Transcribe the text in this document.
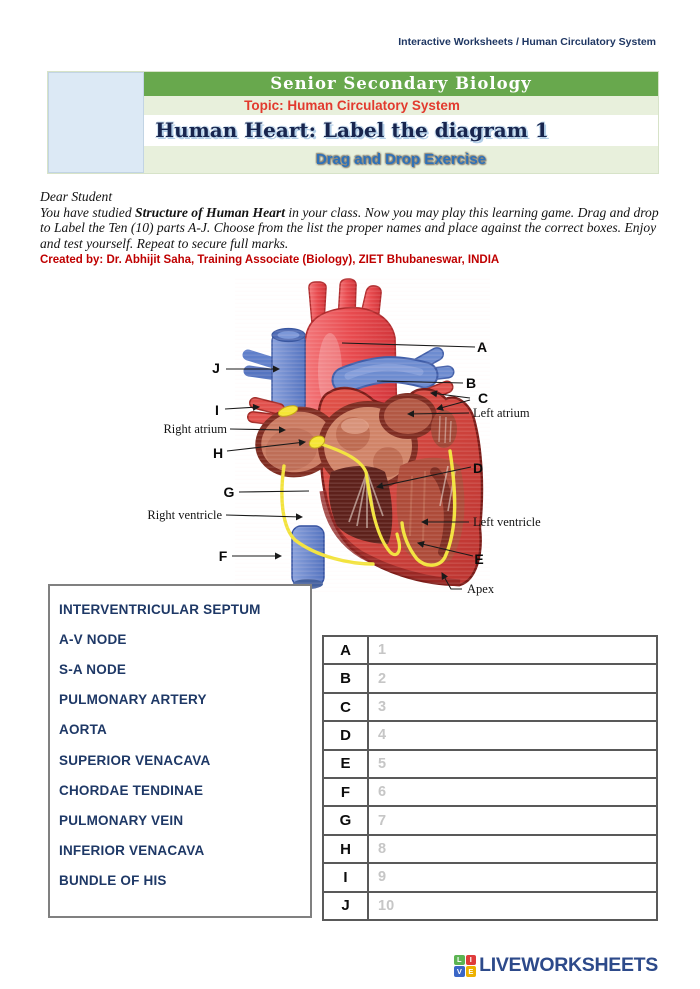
Interactive Worksheets / Human Circulatory System
Senior Secondary Biology
Topic: Human Circulatory System
Human Heart: Label the diagram 1
Drag and Drop Exercise
Dear Student
You have studied Structure of Human Heart in your class. Now you may play this learning game. Drag and drop to Label the Ten (10) parts A-J. Choose from the list the proper names and place against the correct boxes. Enjoy and test yourself. Repeat to secure full marks.
Created by: Dr. Abhijit Saha, Training Associate (Biology), ZIET Bhubaneswar, INDIA
A
B
C
D
E
F
G
H
I
J
Right atrium
Left atrium
Right ventricle	Left ventricle
Apex
INTERVENTRICULAR SEPTUM
A-V NODE
S-A NODE
PULMONARY ARTERY
AORTA
SUPERIOR VENACAVA
CHORDAE TENDINAE
PULMONARY VEIN
INFERIOR VENACAVA
BUNDLE OF HIS
A
1
B
2
C
3
D
4
E
5
F
6
G
7
H
8
I
9
J
10
L	I
V E LIVEWORKSHEETS
